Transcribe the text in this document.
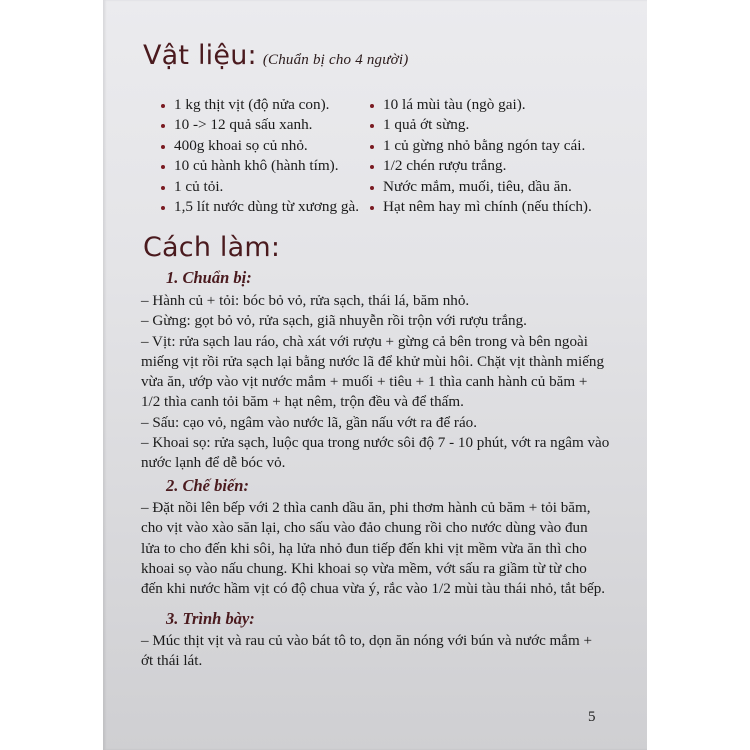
Vật liệu: (Chuẩn bị cho 4 người)
1 kg thịt vịt (độ nửa con).
10 -> 12 quả sấu xanh.
400g khoai sọ củ nhỏ.
10 củ hành khô (hành tím).
1 củ tỏi.
1,5 lít nước dùng từ xương gà.
10 lá mùi tàu (ngò gai).
1 quả ớt sừng.
1 củ gừng nhỏ bằng ngón tay cái.
1/2 chén rượu trắng.
Nước mắm, muối, tiêu, dầu ăn.
Hạt nêm hay mì chính (nếu thích).
Cách làm:
1. Chuẩn bị:

– Hành củ + tỏi: bóc bỏ vỏ, rửa sạch, thái lá, băm nhỏ.

– Gừng: gọt bỏ vỏ, rửa sạch, giã nhuyễn rồi trộn với rượu trắng.

– Vịt: rửa sạch lau ráo, chà xát với rượu + gừng cả bên trong và bên ngoài

miếng vịt rồi rửa sạch lại bằng nước lã để khử mùi hôi. Chặt vịt thành miếng

vừa ăn, ướp vào vịt nước mắm + muối + tiêu + 1 thìa canh hành củ băm +

1/2 thìa canh tỏi băm + hạt nêm, trộn đều và để thấm.

– Sấu: cạo vỏ, ngâm vào nước lã, gần nấu vớt ra để ráo.

– Khoai sọ: rửa sạch, luộc qua trong nước sôi độ 7 - 10 phút, vớt ra ngâm vào

nước lạnh để dễ bóc vỏ.

2. Chế biến:

– Đặt nồi lên bếp với 2 thìa canh dầu ăn, phi thơm hành củ băm + tỏi băm,

cho vịt vào xào săn lại, cho sấu vào đảo chung rồi cho nước dùng vào đun

lửa to cho đến khi sôi, hạ lửa nhỏ đun tiếp đến khi vịt mềm vừa ăn thì cho

khoai sọ vào nấu chung. Khi khoai sọ vừa mềm, vớt sấu ra giầm từ từ cho

đến khi nước hầm vịt có độ chua vừa ý, rắc vào 1/2 mùi tàu thái nhỏ, tắt bếp.

3. Trình bày:

– Múc thịt vịt và rau củ vào bát tô to, dọn ăn nóng với bún và nước mắm +

ớt thái lát.

5
